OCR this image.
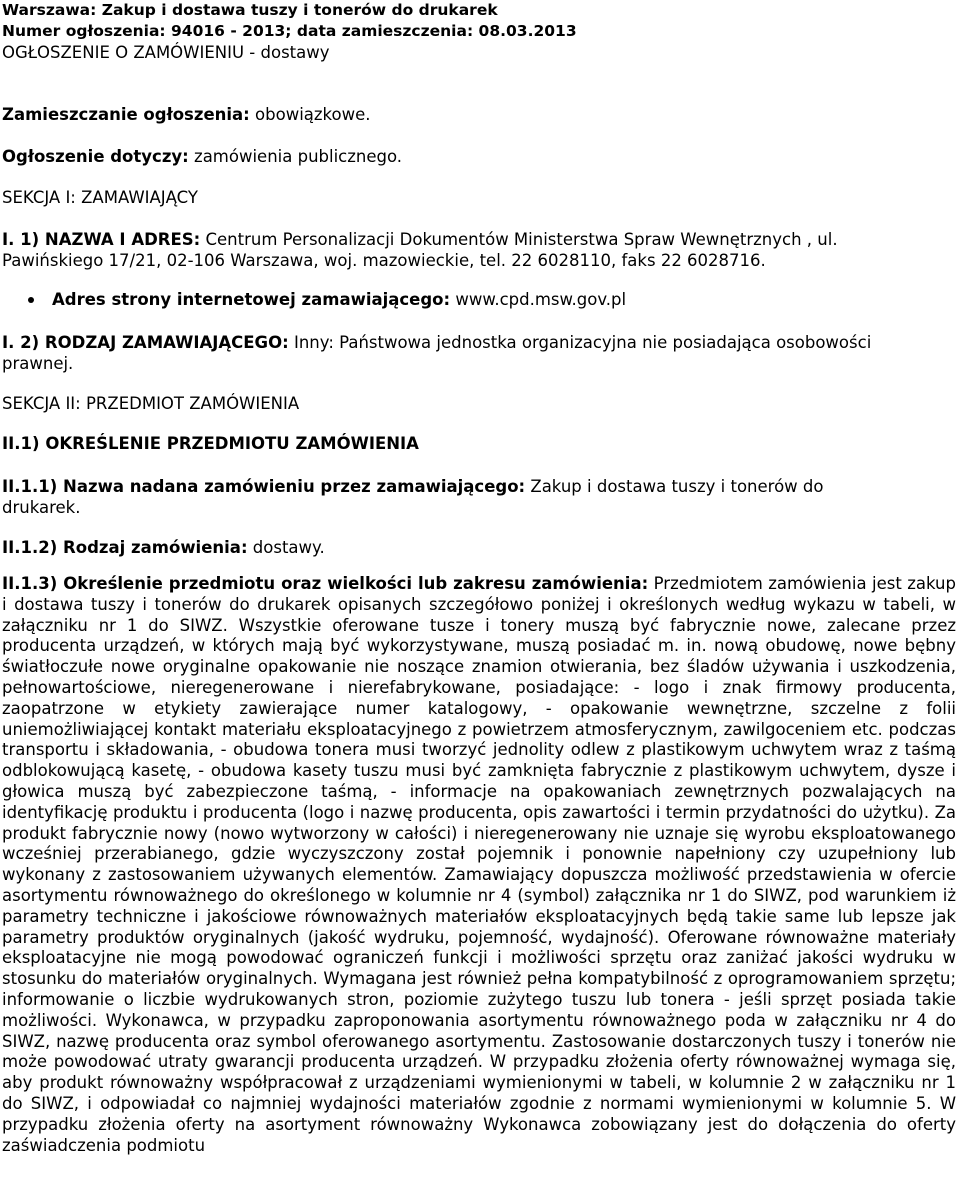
Warszawa: Zakup i dostawa tuszy i tonerów do drukarek
Numer ogłoszenia: 94016 - 2013; data zamieszczenia: 08.03.2013
OGŁOSZENIE O ZAMÓWIENIU - dostawy
Zamieszczanie ogłoszenia: obowiązkowe.
Ogłoszenie dotyczy: zamówienia publicznego.
SEKCJA I: ZAMAWIAJĄCY
I. 1) NAZWA I ADRES: Centrum Personalizacji Dokumentów Ministerstwa Spraw Wewnętrznych , ul.
Pawińskiego 17/21, 02-106 Warszawa, woj. mazowieckie, tel. 22 6028110, faks 22 6028716.
Adres strony internetowej zamawiającego: www.cpd.msw.gov.pl
I. 2) RODZAJ ZAMAWIAJĄCEGO: Inny: Państwowa jednostka organizacyjna nie posiadająca osobowości
prawnej.
SEKCJA II: PRZEDMIOT ZAMÓWIENIA
II.1) OKREŚLENIE PRZEDMIOTU ZAMÓWIENIA
II.1.1) Nazwa nadana zamówieniu przez zamawiającego: Zakup i dostawa tuszy i tonerów do
drukarek.
II.1.2) Rodzaj zamówienia: dostawy.

II.1.3) Określenie przedmiotu oraz wielkości lub zakresu zamówienia: Przedmiotem zamówienia jest zakup i dostawa tuszy i tonerów do drukarek opisanych szczegółowo poniżej i określonych według wykazu w tabeli, w załączniku nr 1 do SIWZ. Wszystkie oferowane tusze i tonery muszą być fabrycznie nowe, zalecane przez producenta urządzeń, w których mają być wykorzystywane, muszą posiadać m. in. nową obudowę, nowe bębny światłoczułe nowe oryginalne opakowanie nie noszące znamion otwierania, bez śladów używania i uszkodzenia, pełnowartościowe, nieregenerowane i nierefabrykowane, posiadające: - logo i znak firmowy producenta, zaopatrzone w etykiety zawierające numer katalogowy, - opakowanie wewnętrzne, szczelne z folii uniemożliwiającej kontakt materiału eksploatacyjnego z powietrzem atmosferycznym, zawilgoceniem etc. podczas transportu i składowania, - obudowa tonera musi tworzyć jednolity odlew z plastikowym uchwytem wraz z taśmą odblokowującą kasetę, - obudowa kasety tuszu musi być zamknięta fabrycznie z plastikowym uchwytem, dysze i głowica muszą być zabezpieczone taśmą, - informacje na opakowaniach zewnętrznych pozwalających na identyfikację produktu i producenta (logo i nazwę producenta, opis zawartości i termin przydatności do użytku). Za produkt fabrycznie nowy (nowo wytworzony w całości) i nieregenerowany nie uznaje się wyrobu eksploatowanego wcześniej przerabianego, gdzie wyczyszczony został pojemnik i ponownie napełniony czy uzupełniony lub wykonany z zastosowaniem używanych elementów. Zamawiający dopuszcza możliwość przedstawienia w ofercie asortymentu równoważnego do określonego w kolumnie nr 4 (symbol) załącznika nr 1 do SIWZ, pod warunkiem iż parametry techniczne i jakościowe równoważnych materiałów eksploatacyjnych będą takie same lub lepsze jak parametry produktów oryginalnych (jakość wydruku, pojemność, wydajność). Oferowane równoważne materiały eksploatacyjne nie mogą powodować ograniczeń funkcji i możliwości sprzętu oraz zaniżać jakości wydruku w stosunku do materiałów oryginalnych. Wymagana jest również pełna kompatybilność z oprogramowaniem sprzętu; informowanie o liczbie wydrukowanych stron, poziomie zużytego tuszu lub tonera - jeśli sprzęt posiada takie możliwości. Wykonawca, w przypadku zaproponowania asortymentu równoważnego poda w załączniku nr 4 do SIWZ, nazwę producenta oraz symbol oferowanego asortymentu. Zastosowanie dostarczonych tuszy i tonerów nie może powodować utraty gwarancji producenta urządzeń. W przypadku złożenia oferty równoważnej wymaga się, aby produkt równoważny współpracował z urządzeniami wymienionymi w tabeli, w kolumnie 2 w załączniku nr 1 do SIWZ, i odpowiadał co najmniej wydajności materiałów zgodnie z normami wymienionymi w kolumnie 5. W przypadku złożenia oferty na asortyment równoważny Wykonawca zobowiązany jest do dołączenia do oferty zaświadczenia podmiotu
